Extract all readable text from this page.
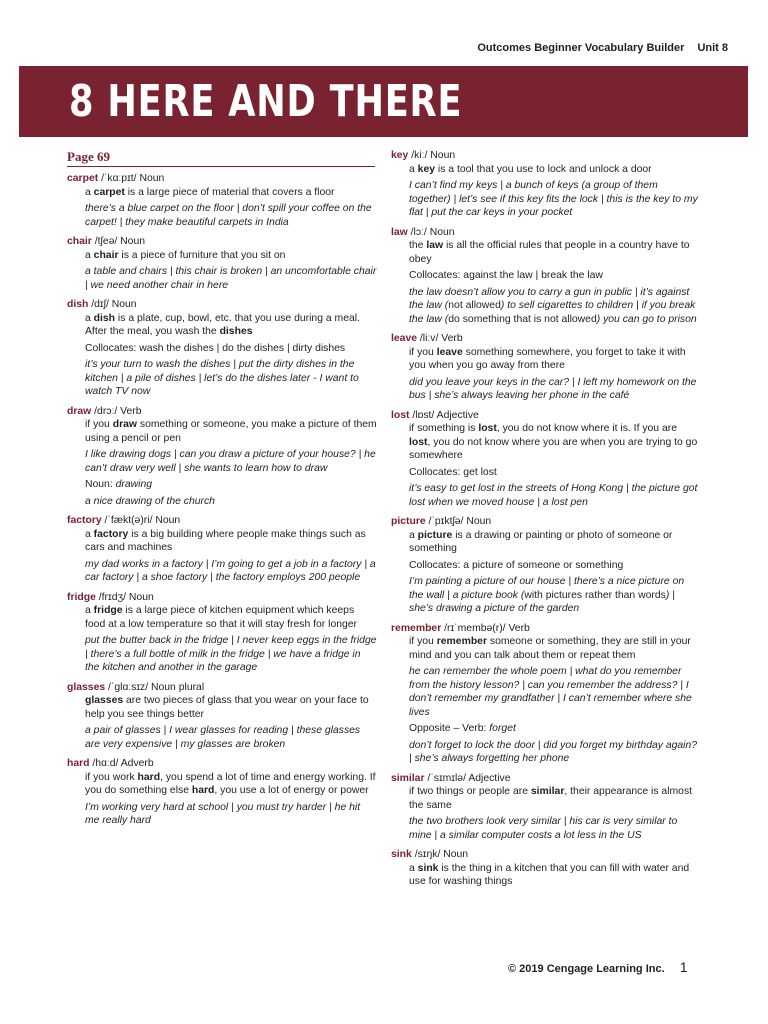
Outcomes Beginner Vocabulary Builder Unit 8
8 HERE AND THERE
Page 69
carpet /ˈkɑːpɪt/ Noun
a carpet is a large piece of material that covers a floor
there’s a blue carpet on the floor | don’t spill your coffee on the carpet! | they make beautiful carpets in India
chair /tʃeə/ Noun
a chair is a piece of furniture that you sit on
a table and chairs | this chair is broken | an uncomfortable chair | we need another chair in here
dish /dɪʃ/ Noun
a dish is a plate, cup, bowl, etc. that you use during a meal. After the meal, you wash the dishes
Collocates: wash the dishes | do the dishes | dirty dishes
it’s your turn to wash the dishes | put the dirty dishes in the kitchen | a pile of dishes | let’s do the dishes later - I want to watch TV now
draw /drɔː/ Verb
if you draw something or someone, you make a picture of them using a pencil or pen
I like drawing dogs | can you draw a picture of your house? | he can’t draw very well | she wants to learn how to draw
Noun: drawing
a nice drawing of the church
factory /ˈfækt(ə)ri/ Noun
a factory is a big building where people make things such as cars and machines
my dad works in a factory | I’m going to get a job in a factory | a car factory | a shoe factory | the factory employs 200 people
fridge /frɪdʒ/ Noun
a fridge is a large piece of kitchen equipment which keeps food at a low temperature so that it will stay fresh for longer
put the butter back in the fridge | I never keep eggs in the fridge | there’s a full bottle of milk in the fridge | we have a fridge in the kitchen and another in the garage
glasses /ˈɡlɑːsɪz/ Noun plural
glasses are two pieces of glass that you wear on your face to help you see things better
a pair of glasses | I wear glasses for reading | these glasses are very expensive | my glasses are broken
hard /hɑːd/ Adverb
if you work hard, you spend a lot of time and energy working. If you do something else hard, you use a lot of energy or power
I’m working very hard at school | you must try harder | he hit me really hard
key /kiː/ Noun
a key is a tool that you use to lock and unlock a door
I can’t find my keys | a bunch of keys (a group of them together) | let’s see if this key fits the lock | this is the key to my flat | put the car keys in your pocket
law /lɔː/ Noun
the law is all the official rules that people in a country have to obey
Collocates: against the law | break the law
the law doesn’t allow you to carry a gun in public | it’s against the law (not allowed) to sell cigarettes to children | if you break the law (do something that is not allowed) you can go to prison
leave /liːv/ Verb
if you leave something somewhere, you forget to take it with you when you go away from there
did you leave your keys in the car? | I left my homework on the bus | she’s always leaving her phone in the café
lost /lɒst/ Adjective
if something is lost, you do not know where it is. If you are lost, you do not know where you are when you are trying to go somewhere
Collocates: get lost
it’s easy to get lost in the streets of Hong Kong | the picture got lost when we moved house | a lost pen
picture /ˈpɪktʃə/ Noun
a picture is a drawing or painting or photo of someone or something
Collocates: a picture of someone or something
I’m painting a picture of our house | there’s a nice picture on the wall | a picture book (with pictures rather than words) | she’s drawing a picture of the garden
remember /rɪˈmembə(r)/ Verb
if you remember someone or something, they are still in your mind and you can talk about them or repeat them
he can remember the whole poem | what do you remember from the history lesson? | can you remember the address? | I don’t remember my grandfather | I can’t remember where she lives
Opposite – Verb: forget
don’t forget to lock the door | did you forget my birthday again? | she’s always forgetting her phone
similar /ˈsɪmɪlə/ Adjective
if two things or people are similar, their appearance is almost the same
the two brothers look very similar | his car is very similar to mine | a similar computer costs a lot less in the US
sink /sɪŋk/ Noun
a sink is the thing in a kitchen that you can fill with water and use for washing things
© 2019 Cengage Learning Inc. 1
